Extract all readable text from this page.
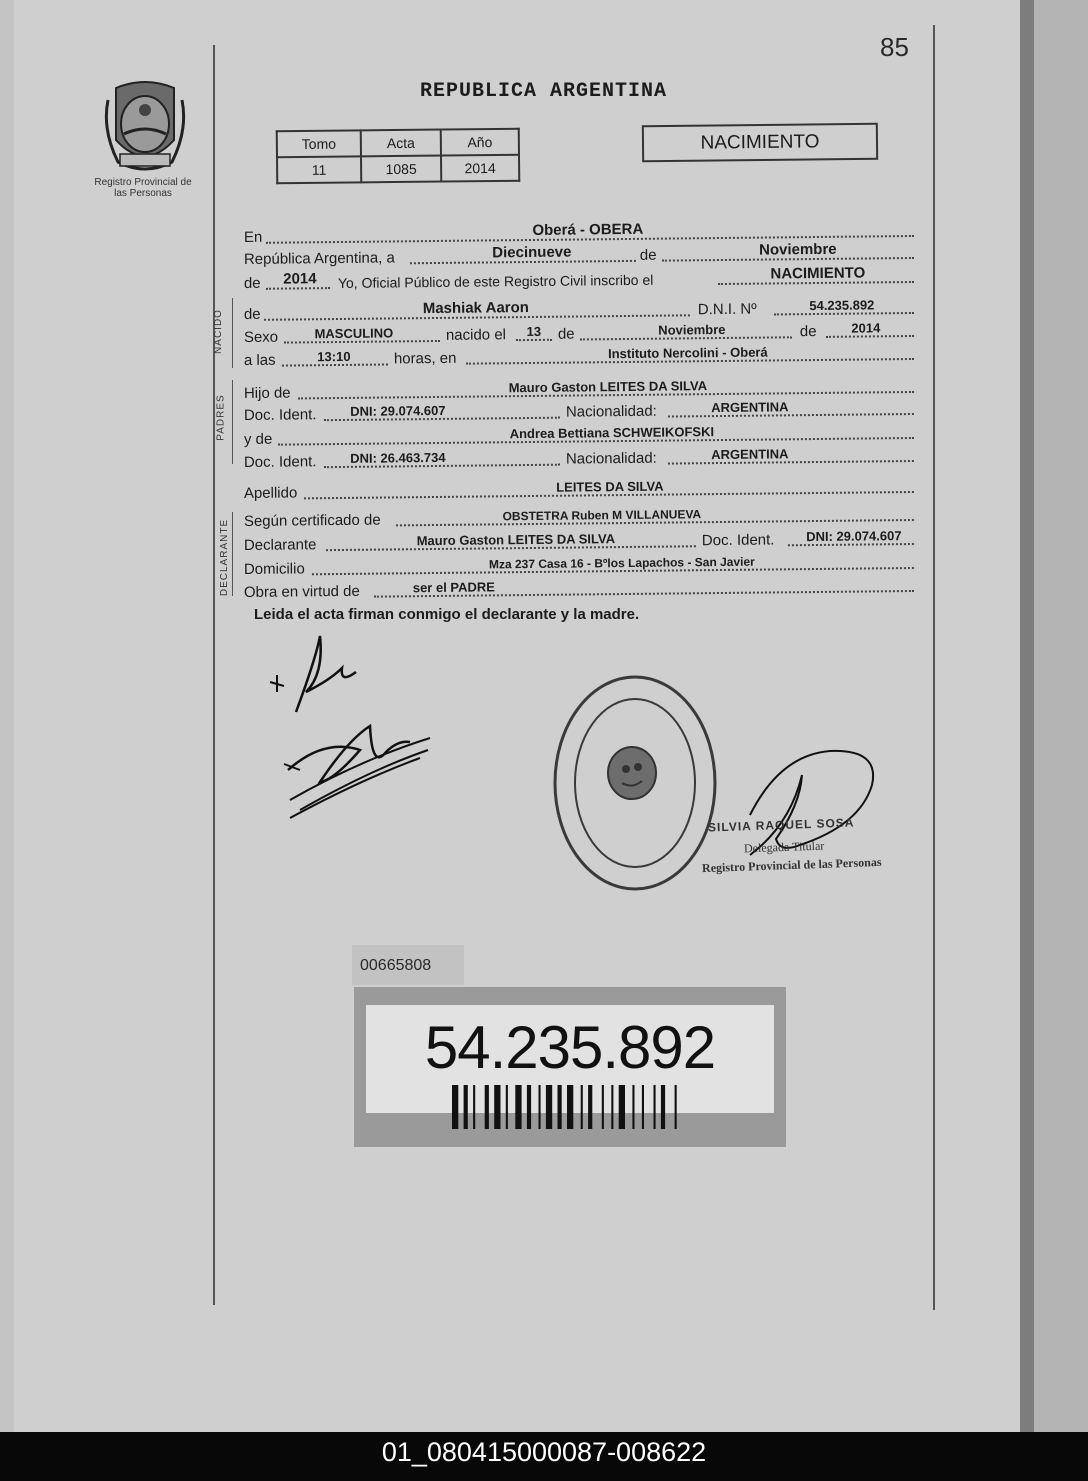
85
REPUBLICA ARGENTINA
Registro Provincial de las Personas
Tomo	Acta	Año
11	1085	2014
NACIMIENTO
En	Oberá - OBERA
República Argentina, a	Diecinueve	de	Noviembre
de 2014 Yo, Oficial Público de este Registro Civil inscribo el	NACIMIENTO
NACIDO de	Mashiak Aaron	D.N.I. Nº	54.235.892
Sexo	MASCULINO	nacido el 13 de	Noviembre	de	2014
a las	13:10	horas, en	Instituto Nercolini - Oberá
PADRES
Hijo de	Mauro Gaston LEITES DA SILVA
Doc. Ident.	DNI: 29.074.607	Nacionalidad:	ARGENTINA
y de	Andrea Bettiana SCHWEIKOFSKI
Doc. Ident.	DNI: 26.463.734	Nacionalidad:	ARGENTINA
Apellido	LEITES DA SILVA
DECLARANTE Según certificado de	OBSTETRA Ruben M VILLANUEVA
Declarante	Mauro Gaston LEITES DA SILVA	Doc. Ident. DNI: 29.074.607
Domicilio	Mza 237 Casa 16 - Bºlos Lapachos - San Javier
Obra en virtud de	ser el PADRE
Leida el acta firman conmigo el declarante y la madre.
SILVIA RAQUEL SOSA
Delegada Titular
Registro Provincial de las Personas
00665808
54.235.892
01_080415000087-008622
